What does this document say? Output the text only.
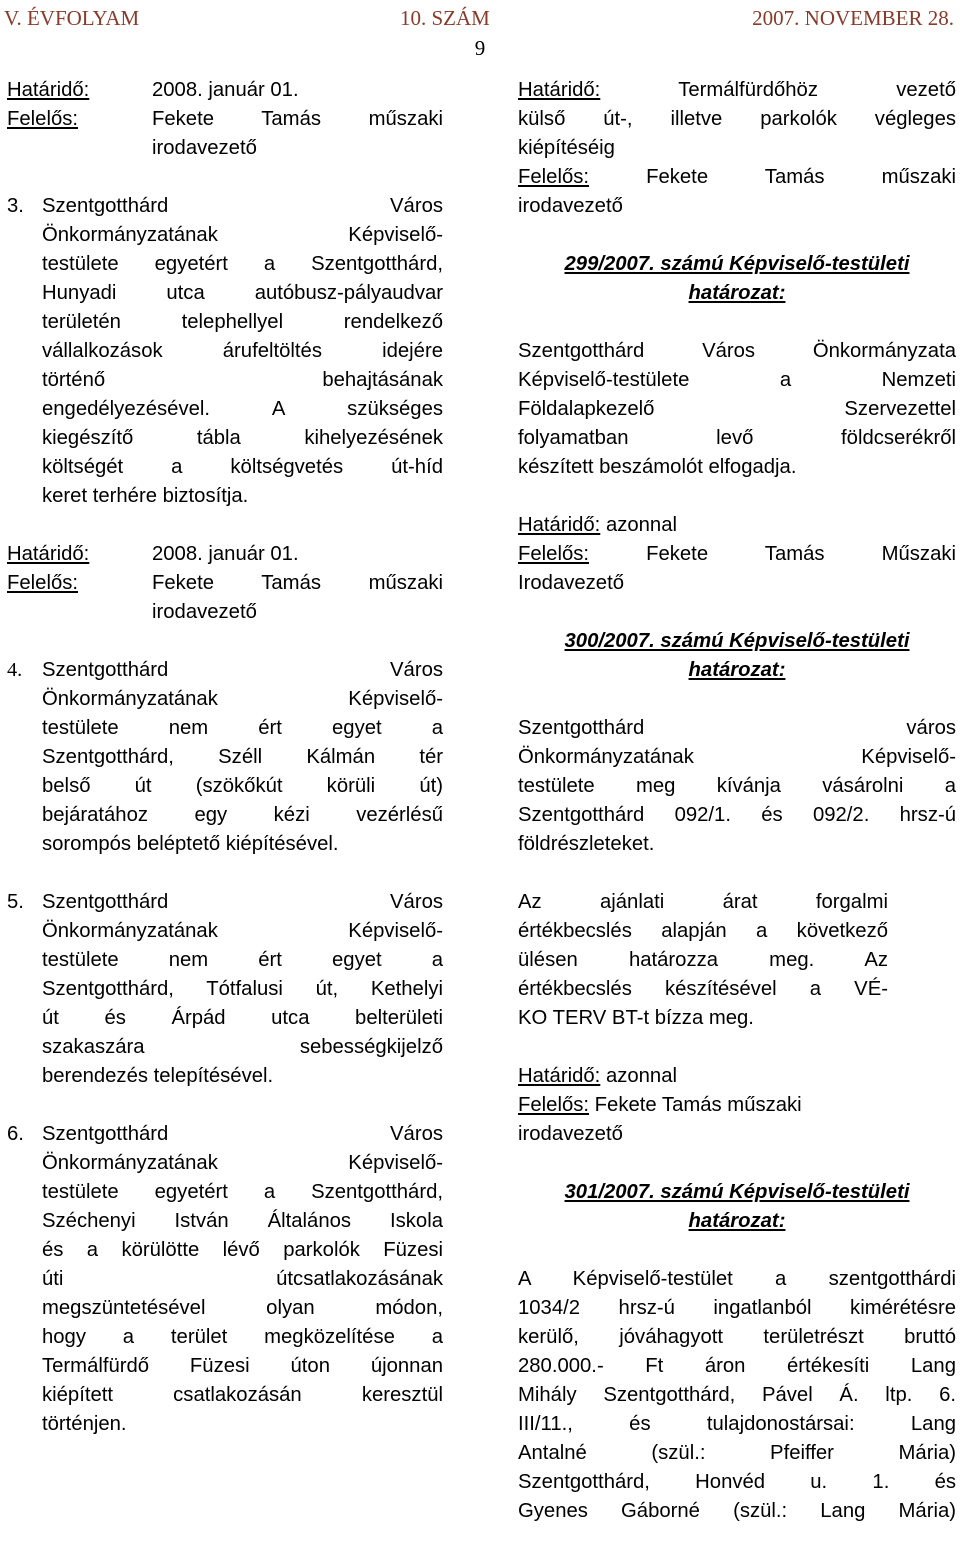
V. ÉVFOLYAM	10. SZÁM	2007. NOVEMBER 28.
9
Határidő:	2008. január 01.
Felelős:	Fekete Tamás műszaki
irodavezető
3. Szentgotthárd Város

Önkormányzatának Képviselő-

testülete egyetért a Szentgotthárd,

Hunyadi utca autóbusz-pályaudvar

területén telephellyel rendelkező

vállalkozások árufeltöltés idejére

történő behajtásának

engedélyezésével. A szükséges

kiegészítő tábla kihelyezésének

költségét a költségvetés út-híd

keret terhére biztosítja.

Határidő:	2008. január 01.
Felelős:	Fekete Tamás műszaki
irodavezető
4. Szentgotthárd Város

Önkormányzatának Képviselő-

testülete nem ért egyet a

Szentgotthárd, Széll Kálmán tér

belső út (szökőkút körüli út)

bejáratához egy kézi vezérlésű

sorompós beléptető kiépítésével.

5. Szentgotthárd Város

Önkormányzatának Képviselő-

testülete nem ért egyet a

Szentgotthárd, Tótfalusi út, Kethelyi

út és Árpád utca belterületi

szakaszára sebességkijelző

berendezés telepítésével.

6. Szentgotthárd Város

Önkormányzatának Képviselő-

testülete egyetért a Szentgotthárd,

Széchenyi István Általános Iskola

és a körülötte lévő parkolók Füzesi

úti útcsatlakozásának

megszüntetésével olyan módon,

hogy a terület megközelítése a

Termálfürdő Füzesi úton újonnan

kiépített csatlakozásán keresztül

történjen.

Határidő:	Termálfürdőhöz vezető

külső út-, illetve parkolók végleges

kiépítéséig

Felelős:	Fekete Tamás műszaki

irodavezető

299/2007. számú Képviselő-testületi

határozat:

Szentgotthárd Város Önkormányzata

Képviselő-testülete a Nemzeti

Földalapkezelő Szervezettel

folyamatban levő földcserékről

készített beszámolót elfogadja.

Határidő: azonnal

Felelős:	Fekete Tamás Műszaki

Irodavezető

300/2007. számú Képviselő-testületi

határozat:

Szentgotthárd város

Önkormányzatának Képviselő-

testülete meg kívánja vásárolni a

Szentgotthárd 092/1. és 092/2. hrsz-ú

földrészleteket.

Az ajánlati árat forgalmi

értékbecslés alapján a következő

ülésen határozza meg. Az

értékbecslés készítésével a VÉ-

KO TERV BT-t bízza meg.

Határidő: azonnal

Felelős: Fekete Tamás műszaki

irodavezető

301/2007. számú Képviselő-testületi

határozat:

A Képviselő-testület a szentgotthárdi

1034/2 hrsz-ú ingatlanból kimérétésre

kerülő, jóváhagyott területrészt bruttó

280.000.- Ft áron értékesíti Lang

Mihály Szentgotthárd, Pável Á. ltp. 6.

III/11., és tulajdonostársai: Lang

Antalné (szül.: Pfeiffer Mária)

Szentgotthárd, Honvéd u. 1. és

Gyenes Gáborné (szül.: Lang Mária)
